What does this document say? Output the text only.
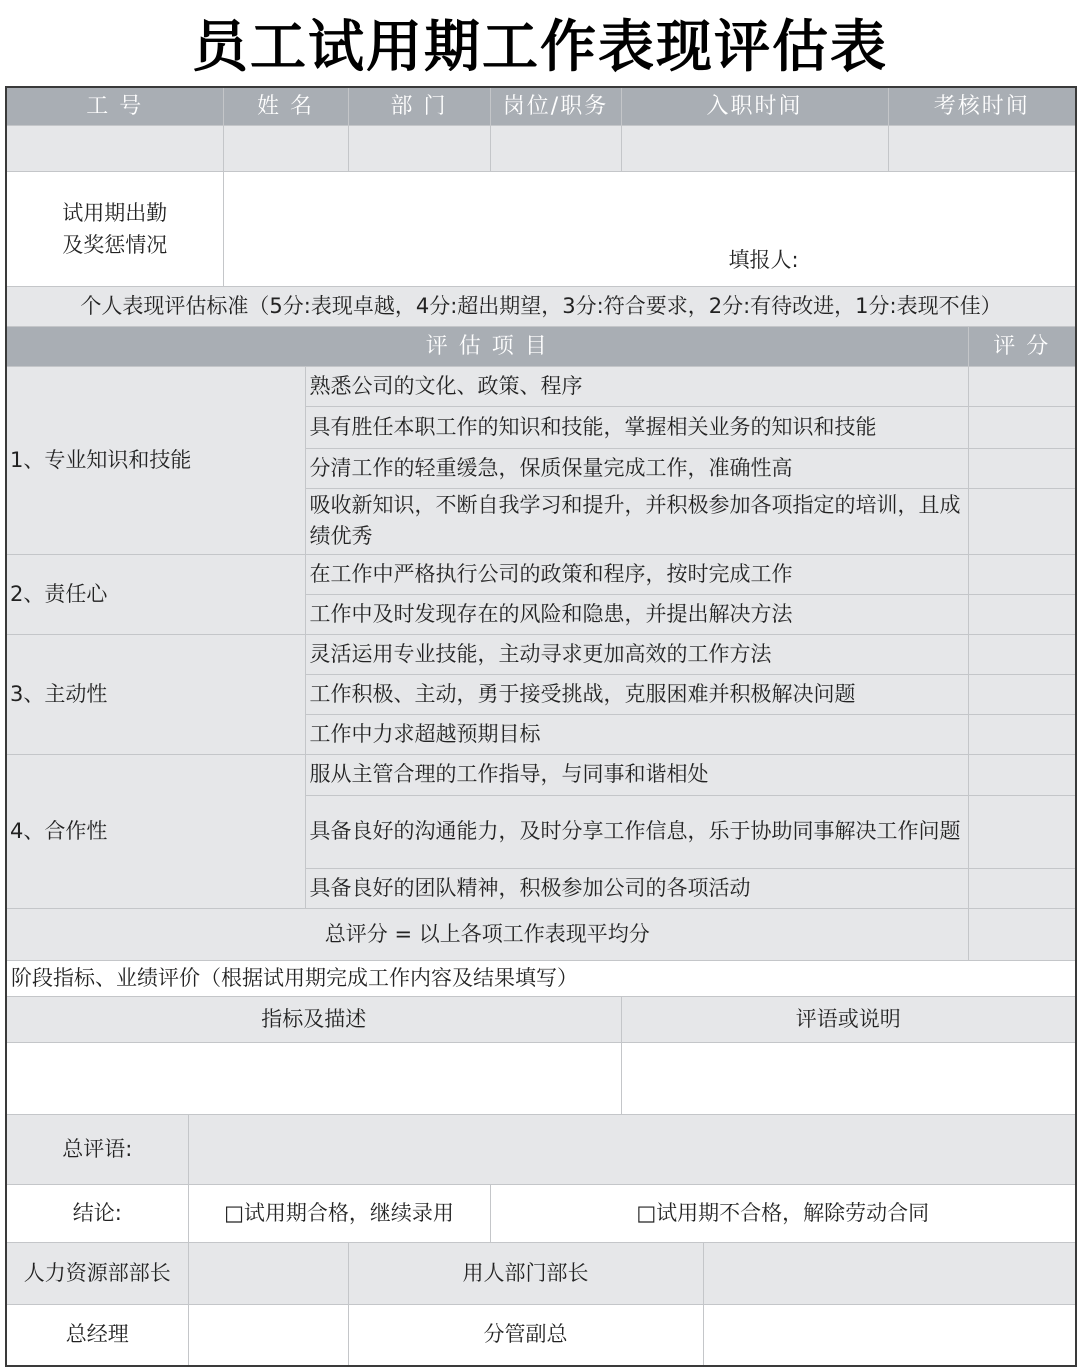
员工试用期工作表现评估表
工 号		姓 名		部 门	岗位/职务	入职时间		考核时间	

试用期出勤
及奖惩情况		填报人:							

个人表现评估标准（5分:表现卓越，4分:超出期望，3分:符合要求，2分:有待改进，1分:表现不佳）									
评 估 项 目									评 分
1、专业知识和技能			熟悉公司的文化、政策、程序						
			具有胜任本职工作的知识和技能，掌握相关业务的知识和技能						
			分清工作的轻重缓急，保质保量完成工作，准确性高						
			吸收新知识，不断自我学习和提升，并积极参加各项指定的培训，且成绩优秀						
2、责任心			在工作中严格执行公司的政策和程序，按时完成工作						
			工作中及时发现存在的风险和隐患，并提出解决方法						
3、主动性			灵活运用专业技能，主动寻求更加高效的工作方法						
			工作积极、主动，勇于接受挑战，克服困难并积极解决问题						
			工作中力求超越预期目标						
4、合作性			服从主管合理的工作指导，与同事和谐相处						
			具备良好的沟通能力，及时分享工作信息，乐于协助同事解决工作问题						
			具备良好的团队精神，积极参加公司的各项活动						
总评分 = 以上各项工作表现平均分									
阶段指标、业绩评价（根据试用期完成工作内容及结果填写）									
指标及描述						评语或说明			

总评语:									
结论:	□试用期合格，继续录用				□试用期不合格，解除劳动合同				
人力资源部部长				用人部门部长					
总经理				分管副总					
